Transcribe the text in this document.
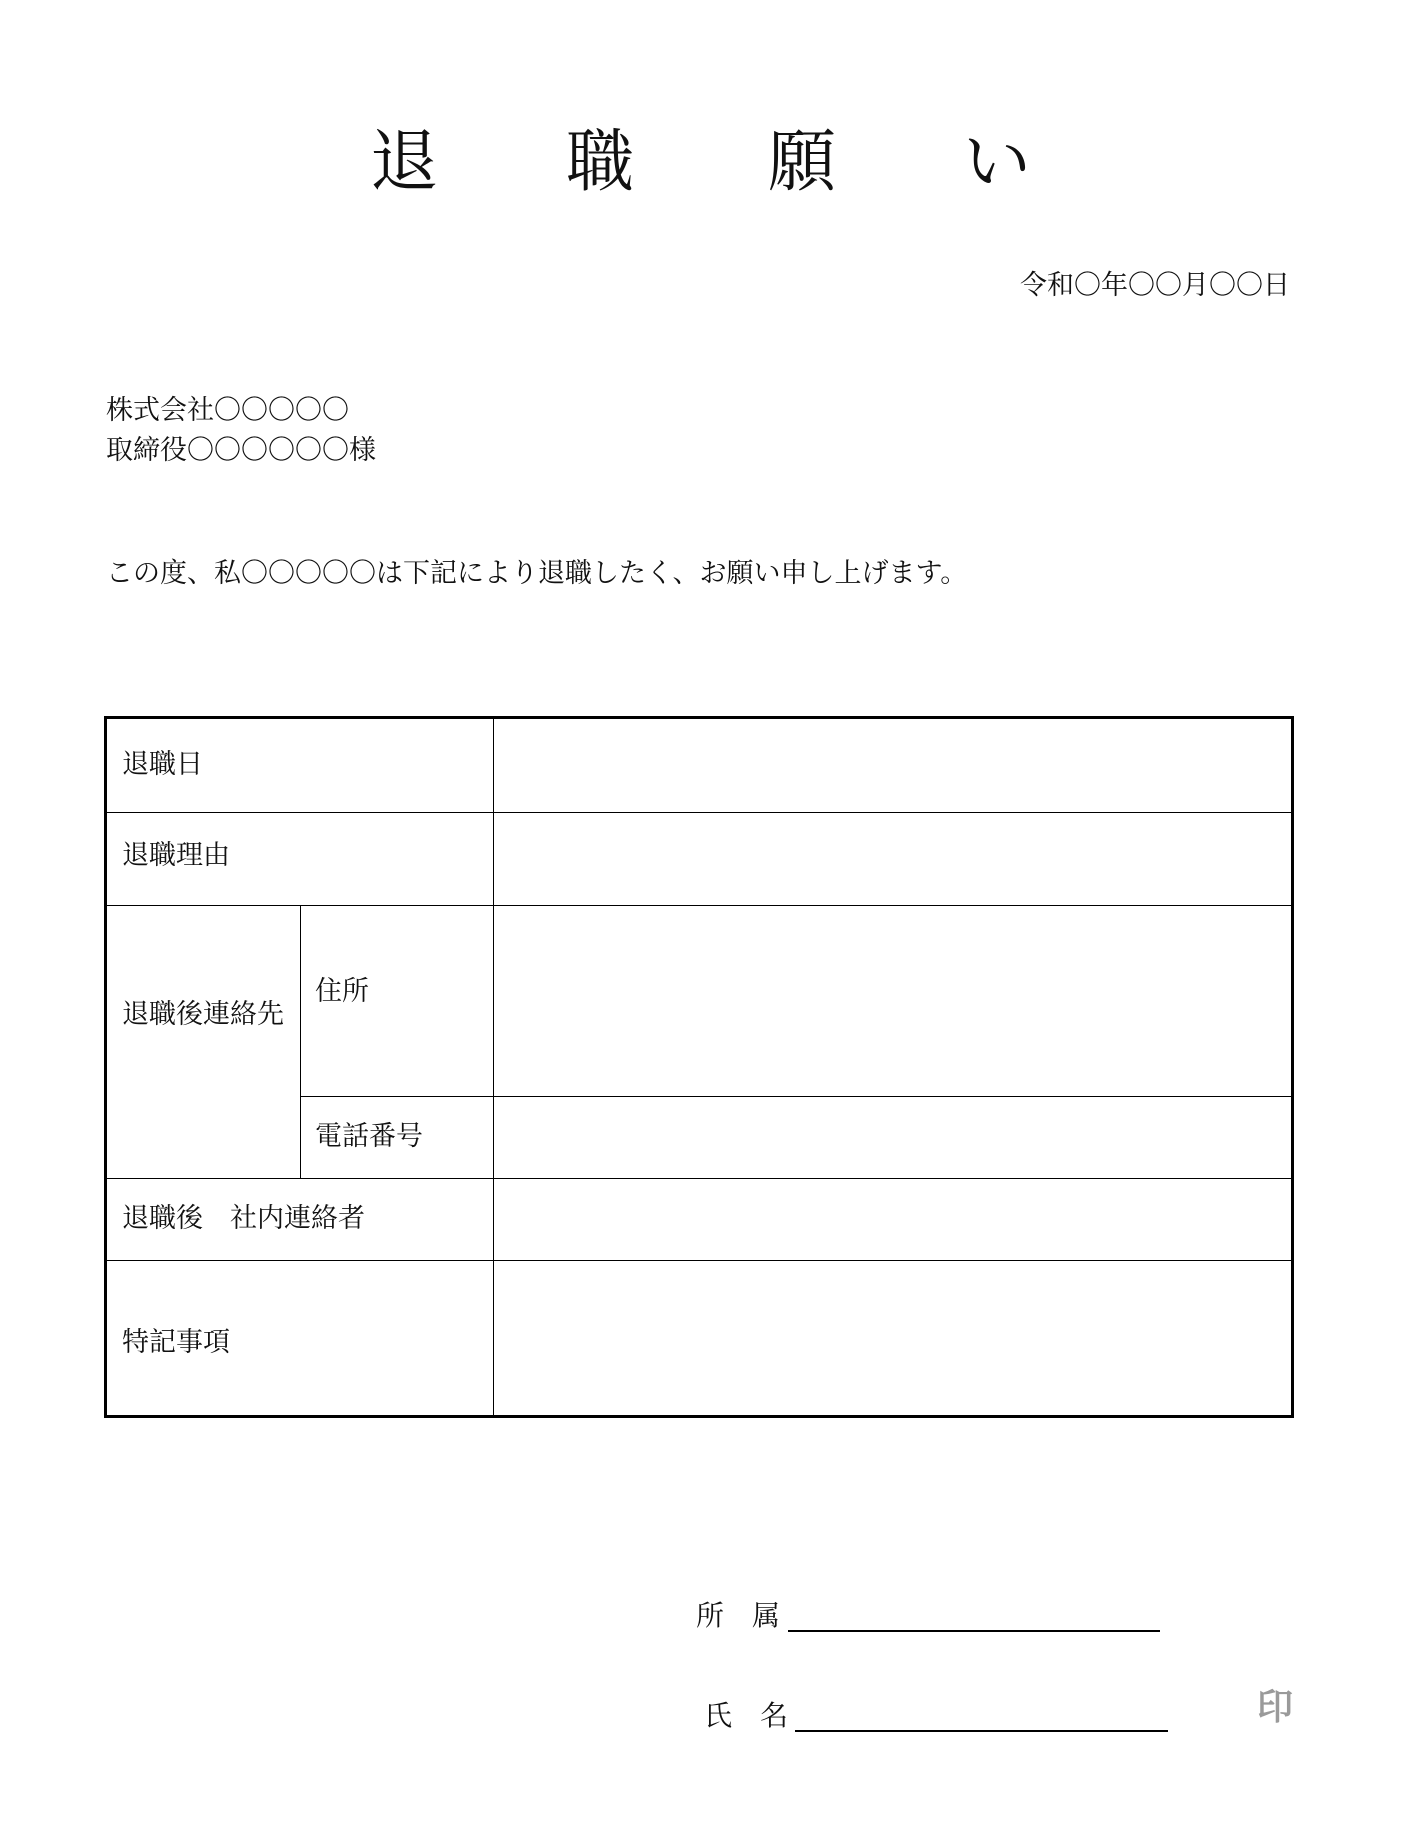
退 職 願 い
令和〇年〇〇月〇〇日
株式会社〇〇〇〇〇
取締役〇〇〇〇〇〇様
この度、私〇〇〇〇〇は下記により退職したく、お願い申し上げます。
退職日
退職理由
退職後連絡先
住所
電話番号
退職後　社内連絡者
特記事項
所　属
氏　名	印
